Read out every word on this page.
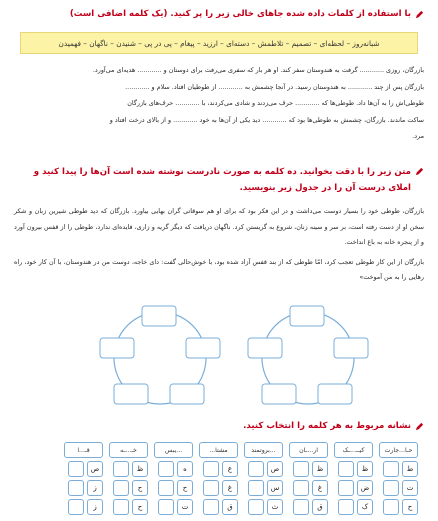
با استفاده از کلمات داده شده جاهای خالی زیر را پر کنید. (یک کلمه اضافی است)
شبانه‌روز – لحظه‌ای – تصمیم – تلاطمش – دسته‌ای – ارزید – پیغام – پی در پی – شنیدن – ناگهان – فهمیدن

بازرگان، روزی ............ گرفت به هندوستان سفر کند. او هر بار که سفری می‌رفت برای دوستان و ............ هدیه‌ای می‌آورد.

بازرگان پس از چند ............ به هندوستان رسید. در آنجا چشمش به ............ از طوطیان افتاد. سلام و ............

طوطی‌اش را به آن‌ها داد. طوطی‌ها که ............ حرف می‌زدند و شادی می‌کردند، با ............ حرف‌های بازرگان

ساکت ماندند. بازرگان، چشمش به طوطی‌ها بود که ............ دید یکی از آن‌ها به خود ............ و از بالای درخت افتاد و

مرد.

متن زیر را با دقت بخوانید. ده کلمه به صورت نادرست نوشته شده است آن‌ها را پیدا کنید و املای درست آن را در جدول زیر بنویسید.

بازرگان، طوطی خود را بسیار دوست می‌داشت و در این فکر بود که برای او هم سوقاتی گران بهایی بیاورد. بازرگان که دید طوطی شیرین زبان و شکر سخن او از دست رفته است، بر سر و سینه زنان، شروع به گریستن کرد. ناگهان دریافت که دیگر گریه و زاری، فایده‌ای ندارد، طوطی را از قفس بیرون آورد و از پنجره خانه به باغ انداخت.

بازرگان از این کار طوطی تعجب کرد، امّا طوطی که از بند قفس آزاد شده بود، با خوش‌حالی گفت: دای خاجه، دوست من در هندوستان، با آن کار خود، راه رهایی را به من آموخت»

نشانه مربوط به هر کلمه را انتخاب کنید.
حـا...جارت
ط
ت
ح
کیــ...ـک
ظ
ض
ک
ار...ـان
ظ
غ
ق
...بروتمند
ص
س
ث
مشتا...
ع
غ
ق
...یبس
ه
ح
ت
خـ...ـه
ظ
ح
ح
قـ...ا
ص
ز
ز
